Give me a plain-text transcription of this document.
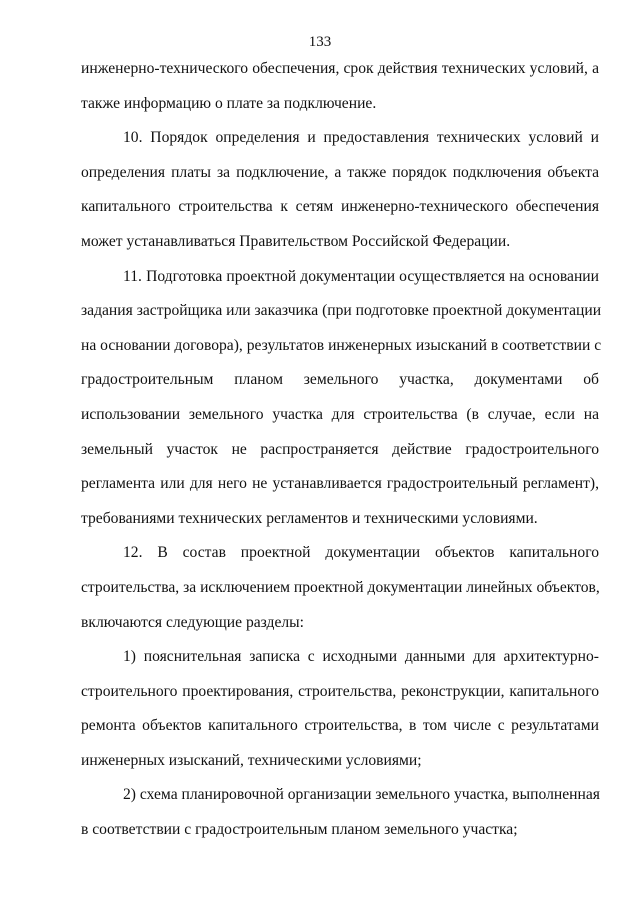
133
инженерно-технического обеспечения, срок действия технических условий, а
также информацию о плате за подключение.
10. Порядок определения и предоставления технических условий и
определения платы за подключение, а также порядок подключения объекта
капитального строительства к сетям инженерно-технического обеспечения
может устанавливаться Правительством Российской Федерации.
11. Подготовка проектной документации осуществляется на основании
задания застройщика или заказчика (при подготовке проектной документации
на основании договора), результатов инженерных изысканий в соответствии с
градостроительным планом земельного участка, документами об
использовании земельного участка для строительства (в случае, если на
земельный участок не распространяется действие градостроительного
регламента или для него не устанавливается градостроительный регламент),
требованиями технических регламентов и техническими условиями.
12. В состав проектной документации объектов капитального
строительства, за исключением проектной документации линейных объектов,
включаются следующие разделы:
1) пояснительная записка с исходными данными для архитектурно-
строительного проектирования, строительства, реконструкции, капитального
ремонта объектов капитального строительства, в том числе с результатами
инженерных изысканий, техническими условиями;
2) схема планировочной организации земельного участка, выполненная
в соответствии с градостроительным планом земельного участка;
